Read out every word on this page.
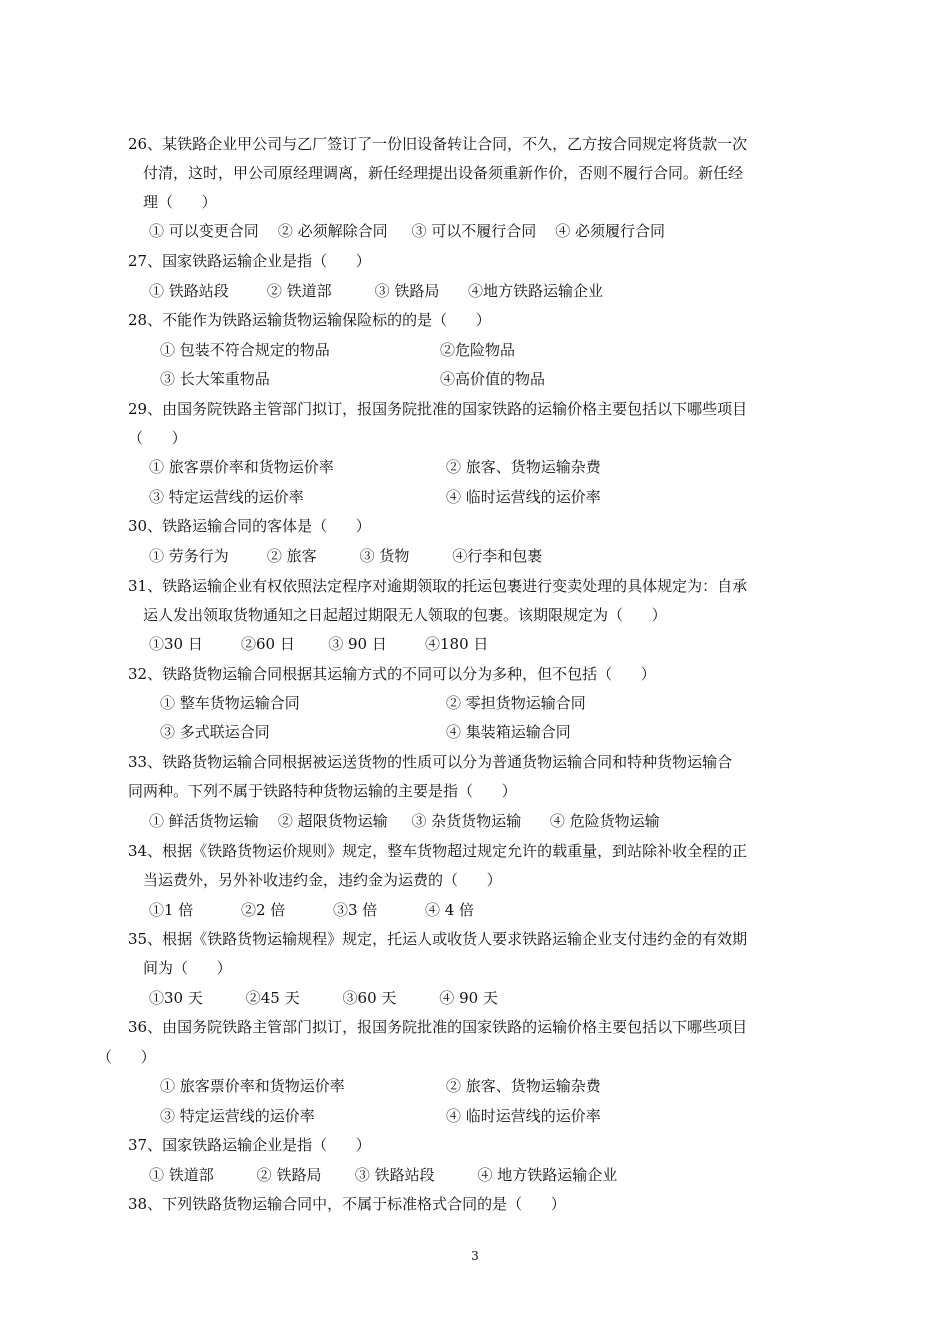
26、某铁路企业甲公司与乙厂签订了一份旧设备转让合同，不久，乙方按合同规定将货款一次
付清，这时，甲公司原经理调离，新任经理提出设备须重新作价，否则不履行合同。新任经
理（      ）
① 可以变更合同    ② 必须解除合同     ③ 可以不履行合同    ④ 必须履行合同
27、国家铁路运输企业是指（      ）
① 铁路站段        ② 铁道部         ③ 铁路局      ④地方铁路运输企业
28、不能作为铁路运输货物运输保险标的的是（      ）
① 包装不符合规定的物品	②危险物品
③ 长大笨重物品	④高价值的物品
29、由国务院铁路主管部门拟订，报国务院批准的国家铁路的运输价格主要包括以下哪些项目
（      ）
① 旅客票价率和货物运价率	② 旅客、货物运输杂费
③ 特定运营线的运价率	④ 临时运营线的运价率
30、铁路运输合同的客体是（      ）
① 劳务行为        ② 旅客         ③ 货物         ④行李和包裹
31、铁路运输企业有权依照法定程序对逾期领取的托运包裹进行变卖处理的具体规定为：自承
运人发出领取货物通知之日起超过期限无人领取的包裹。该期限规定为（      ）
①30 日        ②60 日       ③ 90 日        ④180 日
32、铁路货物运输合同根据其运输方式的不同可以分为多种，但不包括（      ）
① 整车货物运输合同	② 零担货物运输合同
③ 多式联运合同	④ 集装箱运输合同
33、铁路货物运输合同根据被运送货物的性质可以分为普通货物运输合同和特种货物运输合
同两种。下列不属于铁路特种货物运输的主要是指（      ）
① 鲜活货物运输    ② 超限货物运输     ③ 杂货货物运输      ④ 危险货物运输
34、根据《铁路货物运价规则》规定，整车货物超过规定允许的载重量，到站除补收全程的正
当运费外，另外补收违约金，违约金为运费的（      ）
①1 倍          ②2 倍          ③3 倍          ④ 4 倍
35、根据《铁路货物运输规程》规定，托运人或收货人要求铁路运输企业支付违约金的有效期
间为（      ）
①30 天         ②45 天         ③60 天         ④ 90 天
36、由国务院铁路主管部门拟订，报国务院批准的国家铁路的运输价格主要包括以下哪些项目
（      ）
① 旅客票价率和货物运价率	② 旅客、货物运输杂费
③ 特定运营线的运价率	④ 临时运营线的运价率
37、国家铁路运输企业是指（      ）
① 铁道部         ② 铁路局       ③ 铁路站段         ④ 地方铁路运输企业
38、下列铁路货物运输合同中，不属于标准格式合同的是（      ）
3
